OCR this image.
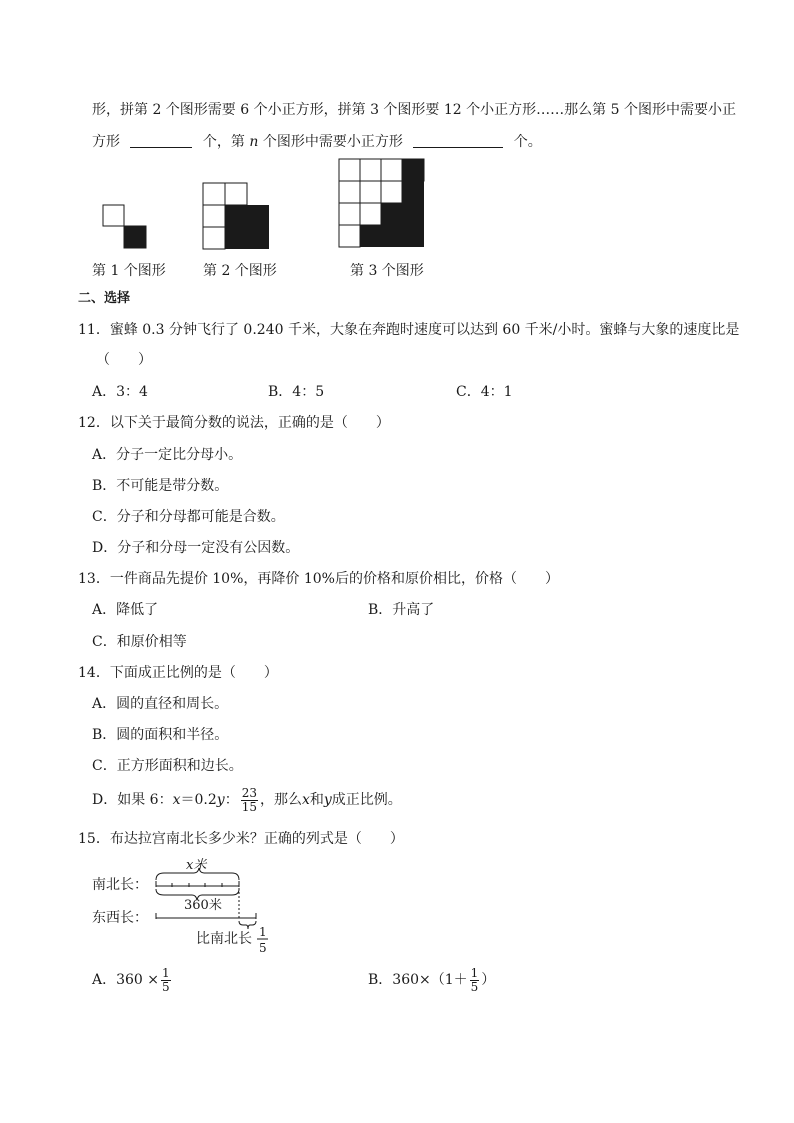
形，拼第 2 个图形需要 6 个小正方形，拼第 3 个图形要 12 个小正方形……那么第 5 个图形中需要小正
方形	个，第 n 个图形中需要小正方形	个。
第 1 个图形	第 2 个图形	第 3 个图形
二、选择
11．蜜蜂 0.3 分钟飞行了 0.240 千米，大象在奔跑时速度可以达到 60 千米/小时。蜜蜂与大象的速度比是
（　　）
A．3：4	B．4：5	C．4：1
12．以下关于最简分数的说法，正确的是（　　）
A．分子一定比分母小。
B．不可能是带分数。
C．分子和分母都可能是合数。
D．分子和分母一定没有公因数。
13．一件商品先提价 10%，再降价 10%后的价格和原价相比，价格（　　）
A．降低了	B．升高了
C．和原价相等
14．下面成正比例的是（　　）
A．圆的直径和周长。
B．圆的面积和半径。
C．正方形面积和边长。
D．如果 6：x＝0.2y： $\frac{23}{15}$ ，那么x和y成正比例。
15．布达拉宫南北长多少米？正确的列式是（　　）
南北长：
东西长：
x米
360米
比南北长 1
5
A．$360 \times \frac{1}{5}$	B．$360\times(1+ \frac{1}{5}$ ）
